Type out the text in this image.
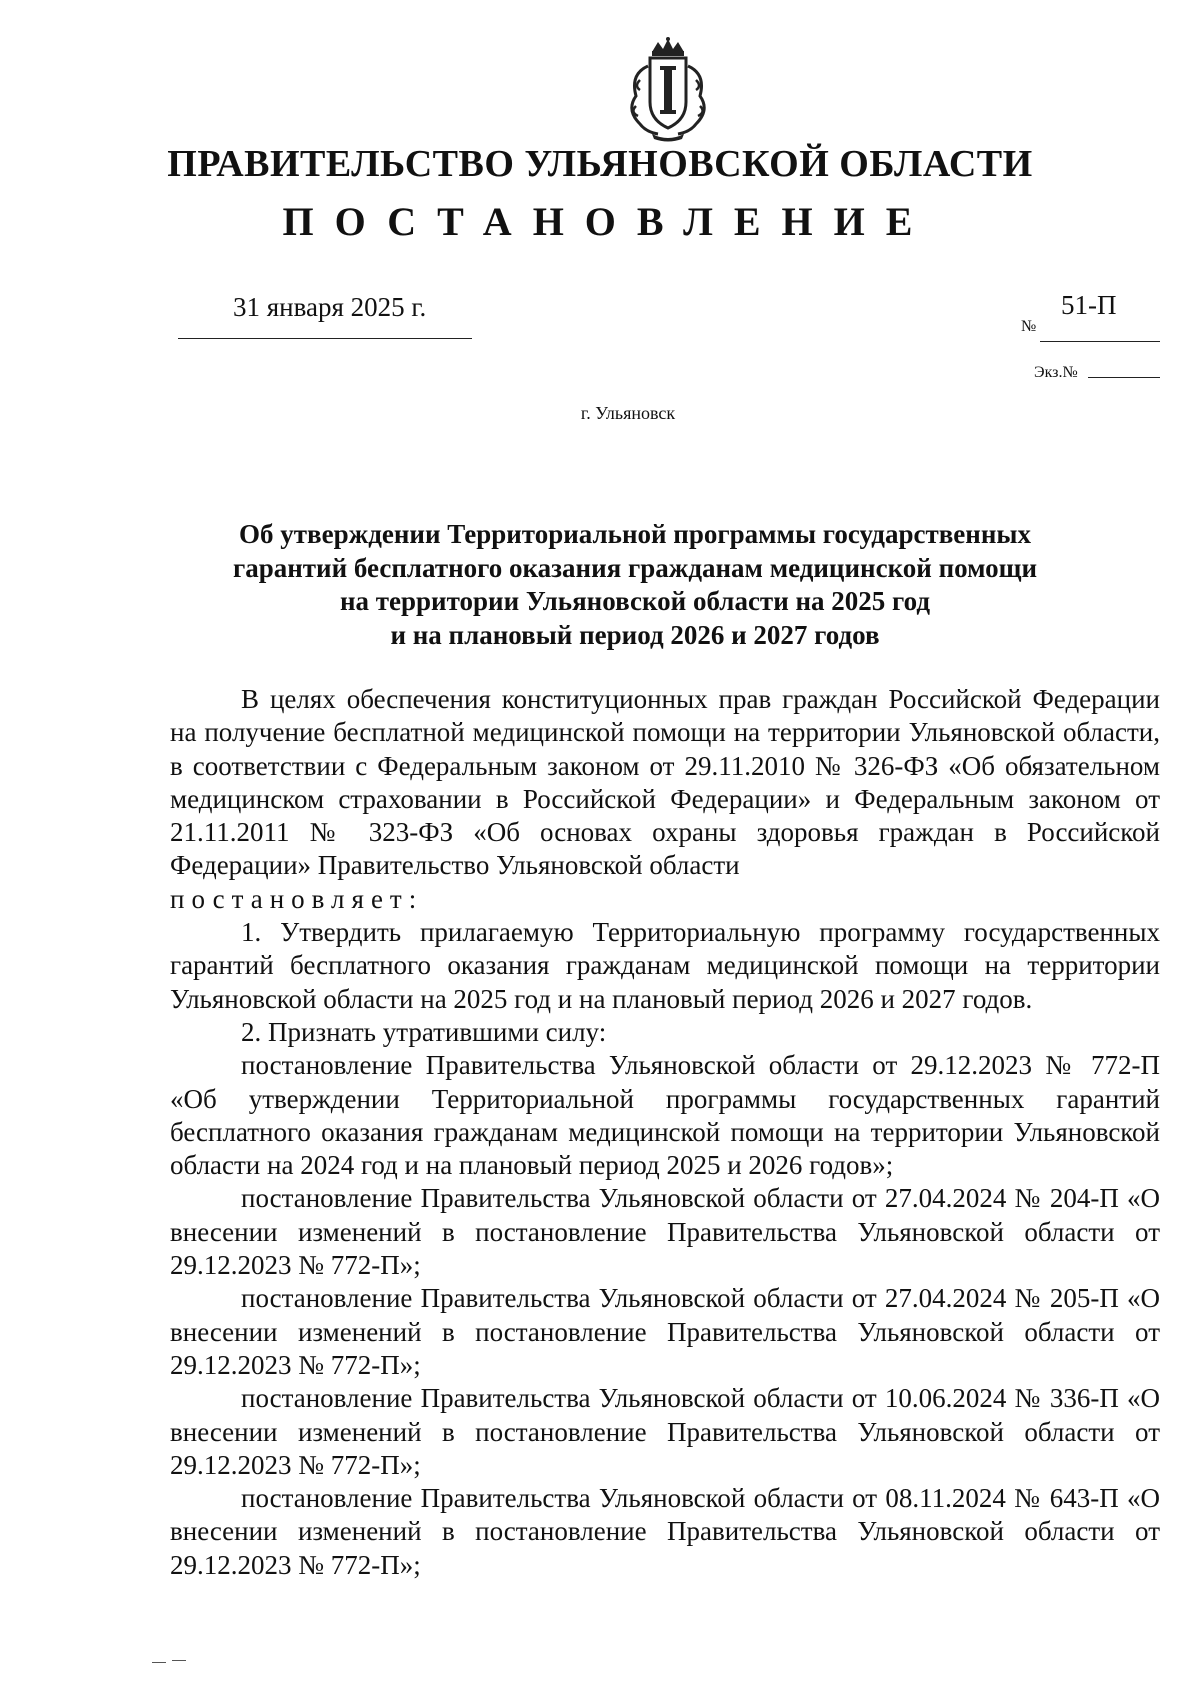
ПРАВИТЕЛЬСТВО УЛЬЯНОВСКОЙ ОБЛАСТИ
ПОСТАНОВЛЕНИЕ
31 января 2025 г.
№
51-П
Экз.№
г. Ульяновск
Об утверждении Территориальной программы государственных
гарантий бесплатного оказания гражданам медицинской помощи
на территории Ульяновской области на 2025 год
и на плановый период 2026 и 2027 годов

В целях обеспечения конституционных прав граждан Российской Федерации на получение бесплатной медицинской помощи на территории Ульяновской области, в соответствии с Федеральным законом от 29.11.2010 № 326-ФЗ «Об обязательном медицинском страховании в Российской Федерации» и Федеральным законом от 21.11.2011 № 323-ФЗ «Об основах охраны здоровья граждан в Российской Федерации» Правительство Ульяновской области

постановляет:

1. Утвердить прилагаемую Территориальную программу государственных гарантий бесплатного оказания гражданам медицинской помощи на территории Ульяновской области на 2025 год и на плановый период 2026 и 2027 годов.

2. Признать утратившими силу:

постановление Правительства Ульяновской области от 29.12.2023 № 772-П «Об утверждении Территориальной программы государственных гарантий бесплатного оказания гражданам медицинской помощи на территории Ульяновской области на 2024 год и на плановый период 2025 и 2026 годов»;

постановление Правительства Ульяновской области от 27.04.2024 № 204-П «О внесении изменений в постановление Правительства Ульяновской области от 29.12.2023 № 772-П»;

постановление Правительства Ульяновской области от 27.04.2024 № 205-П «О внесении изменений в постановление Правительства Ульяновской области от 29.12.2023 № 772-П»;

постановление Правительства Ульяновской области от 10.06.2024 № 336-П «О внесении изменений в постановление Правительства Ульяновской области от 29.12.2023 № 772-П»;

постановление Правительства Ульяновской области от 08.11.2024 № 643-П «О внесении изменений в постановление Правительства Ульяновской области от 29.12.2023 № 772-П»;
